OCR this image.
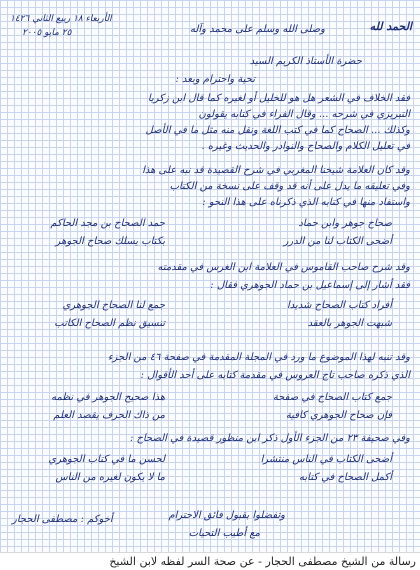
الحمد لله
وصلى الله وسلم على محمد وآله
الأربعاء ١٨ ربيع الثاني ١٤٢٦
٢٥ مايو ٢٠٠٥
حضرة الأستاذ الكريم السيد
تحية واحترام وبعد :
فقد الخلاف في الشعر هل هو للخليل أو لغيره كما قال ابن زكريا
التبريزي في شرحه ... وقال الفراء في كتابه يقولون
وكذلك ... الصحاح كما في كتب اللغة ونقل منه مثل ما في الأصل
في تعليل الكلام والصحاح والنوادر والحديث وغيره .
وقد كان العلامة شيخنا المغربي في شرح القصيدة قد نبه على هذا
وفي تعليقه ما يدل على أنه قد وقف على نسخة من الكتاب
واستفاد منها في كتابه الذي ذكرناه على هذا النحو :
صحاح جوهر وابن حماد
حمد الصحاح بن مجد الحاكم
أضحى الكتاب لنا من الدرر
بكتاب يسلك صحاح الجوهر
وقد شرح صاحب القاموس في العلامة ابن الغرس في مقدمته
فقد أشار إلى إسماعيل بن حماد الجوهري فقال :
أفراد كتاب الصحاح شديدا
جمع لنا الصحاح الجوهري
شبهت الجوهر بالعقد
تنسيق نظم الصحاح الكاتب
وقد تنبه لهذا الموضوع ما ورد في المجلة المقدمة في صفحة ٤٦ من الجزء
الذي ذكره صاحب تاج العروس في مقدمة كتابه على أحد الأقوال :
جمع كتاب الصحاح في صفحة
هذا صحيح الجوهر في نظمه
فإن صحاح الجوهري كافية
من ذاك الحرف يقصد العلم
وفي صحيفة ٢٣ من الجزء الأول ذكر ابن منظور قصيدة في الصحاح :
أضحى الكتاب في الناس منتشرا
لحسن ما في كتاب الجوهري
أكمل الصحاح في كتابه
ما لا يكون لغيره من الناس
وتفضلوا بقبول فائق الاحترام
مع أطيب التحيات
أخوكم : مصطفى الحجار
رسالة من الشيخ مصطفى الحجار - عن صحة السر لفظه لابن الشيخ
